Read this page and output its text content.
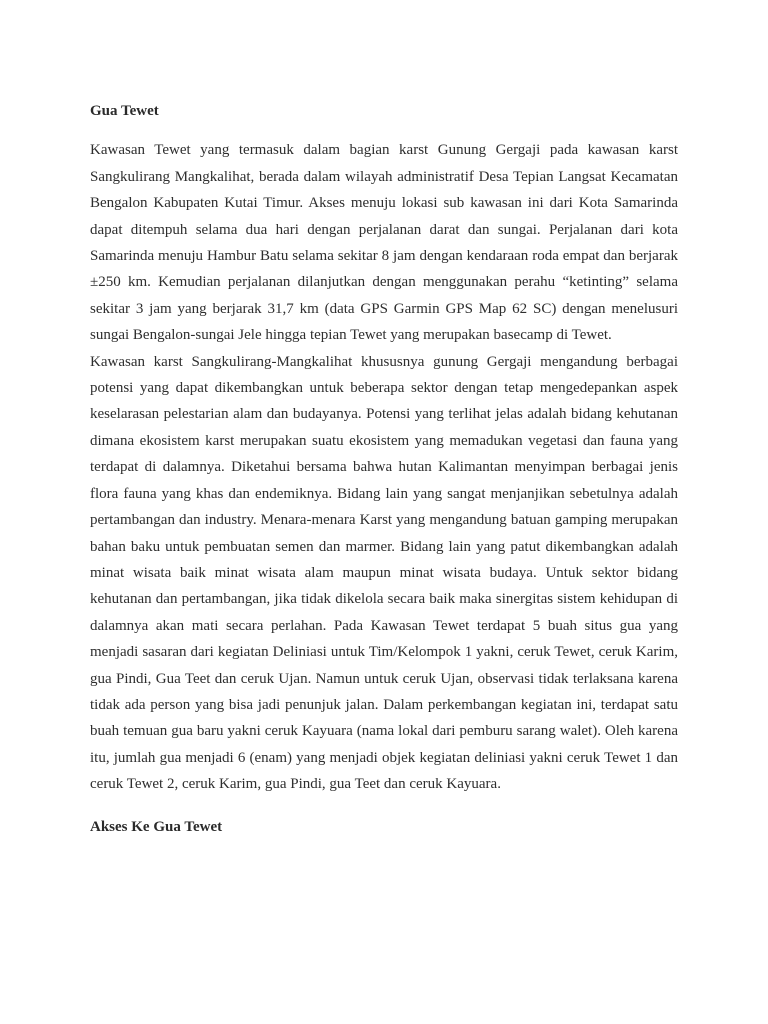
Gua Tewet

Kawasan Tewet yang termasuk dalam bagian karst Gunung Gergaji pada kawasan karst Sangkulirang Mangkalihat, berada dalam wilayah administratif Desa Tepian Langsat Kecamatan Bengalon Kabupaten Kutai Timur. Akses menuju lokasi sub kawasan ini dari Kota Samarinda dapat ditempuh selama dua hari dengan perjalanan darat dan sungai. Perjalanan dari kota Samarinda menuju Hambur Batu selama sekitar 8 jam dengan kendaraan roda empat dan berjarak ±250 km. Kemudian perjalanan dilanjutkan dengan menggunakan perahu “ketinting” selama sekitar 3 jam yang berjarak 31,7 km (data GPS Garmin GPS Map 62 SC) dengan menelusuri sungai Bengalon-sungai Jele hingga tepian Tewet yang merupakan basecamp di Tewet.

Kawasan karst Sangkulirang-Mangkalihat khususnya gunung Gergaji mengandung berbagai potensi yang dapat dikembangkan untuk beberapa sektor dengan tetap mengedepankan aspek keselarasan pelestarian alam dan budayanya. Potensi yang terlihat jelas adalah bidang kehutanan dimana ekosistem karst merupakan suatu ekosistem yang memadukan vegetasi dan fauna yang terdapat di dalamnya. Diketahui bersama bahwa hutan Kalimantan menyimpan berbagai jenis flora fauna yang khas dan endemiknya. Bidang lain yang sangat menjanjikan sebetulnya adalah pertambangan dan industry. Menara-menara Karst yang mengandung batuan gamping merupakan bahan baku untuk pembuatan semen dan marmer. Bidang lain yang patut dikembangkan adalah minat wisata baik minat wisata alam maupun minat wisata budaya. Untuk sektor bidang kehutanan dan pertambangan, jika tidak dikelola secara baik maka sinergitas sistem kehidupan di dalamnya akan mati secara perlahan. Pada Kawasan Tewet terdapat 5 buah situs gua yang menjadi sasaran dari kegiatan Deliniasi untuk Tim/Kelompok 1 yakni, ceruk Tewet, ceruk Karim, gua Pindi, Gua Teet dan ceruk Ujan. Namun untuk ceruk Ujan, observasi tidak terlaksana karena tidak ada person yang bisa jadi penunjuk jalan. Dalam perkembangan kegiatan ini, terdapat satu buah temuan gua baru yakni ceruk Kayuara (nama lokal dari pemburu sarang walet). Oleh karena itu, jumlah gua menjadi 6 (enam) yang menjadi objek kegiatan deliniasi yakni ceruk Tewet 1 dan ceruk Tewet 2, ceruk Karim, gua Pindi, gua Teet dan ceruk Kayuara.

Akses Ke Gua Tewet
